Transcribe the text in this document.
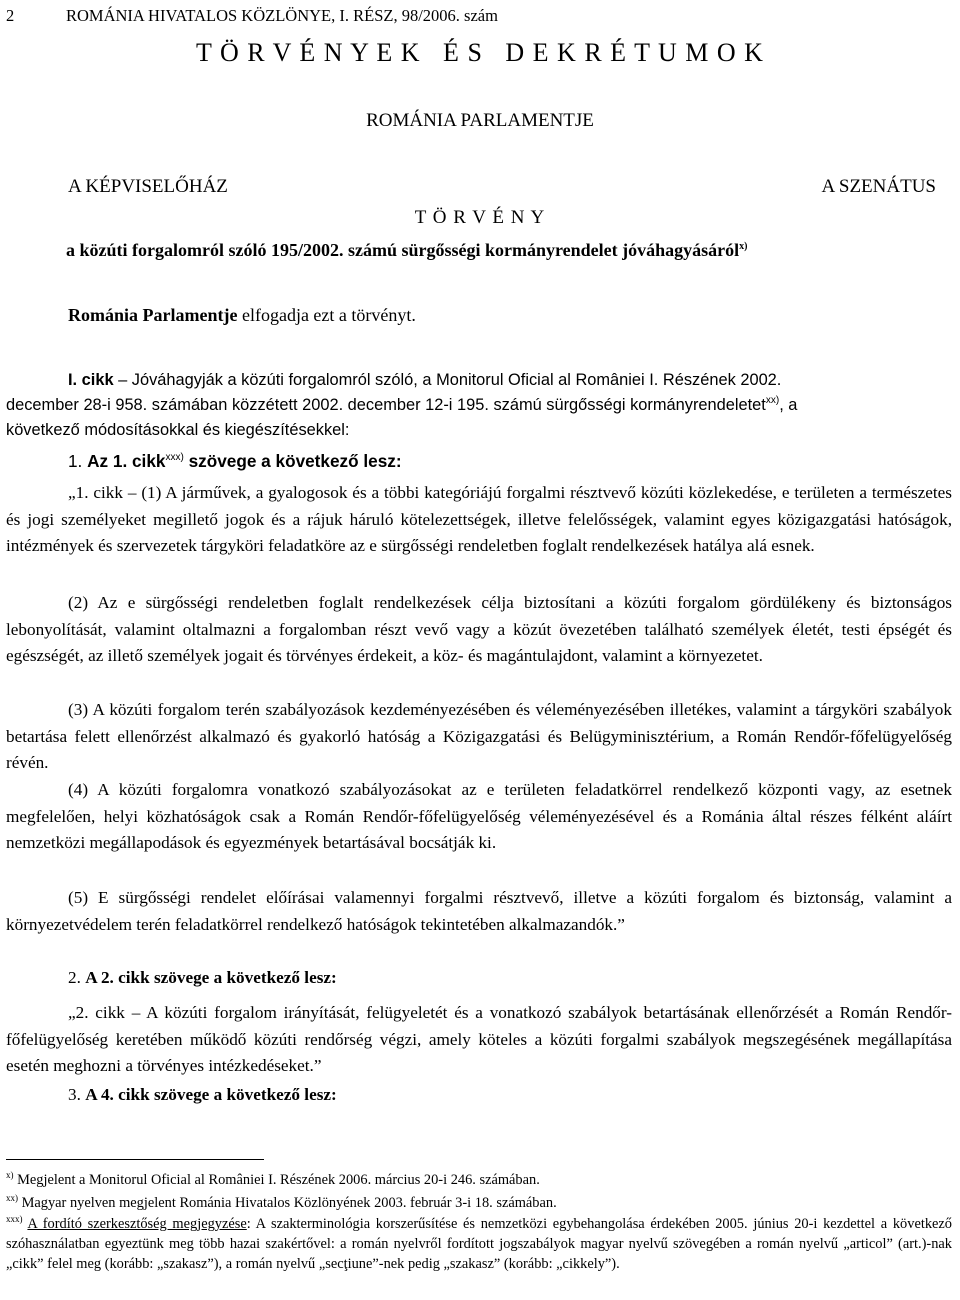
2	ROMÁNIA HIVATALOS KÖZLÖNYE, I. RÉSZ, 98/2006. szám
T Ö R V É N Y E K   É S   D E K R É T U M O K
ROMÁNIA PARLAMENTJE
A KÉPVISELŐHÁZ	A SZENÁTUS
T Ö R V É N Y
a közúti forgalomról szóló 195/2002. számú sürgősségi kormányrendelet jóváhagyásáról$^{x)}$
Románia Parlamentje elfogadja ezt a törvényt.
I. cikk – Jóváhagyják a közúti forgalomról szóló, a Monitorul Oficial al României I. Részének 2002.
december 28-i 958. számában közzétett 2002. december 12-i 195. számú sürgősségi kormányrendeletet$^{xx)}$, a
következő módosításokkal és kiegészítésekkel:
1. Az 1. cikk$^{xxx)}$ szövege a következő lesz:
„1. cikk – (1) A járművek, a gyalogosok és a többi kategóriájú forgalmi résztvevő közúti közlekedése, e területen a természetes és jogi személyeket megillető jogok és a rájuk háruló kötelezettségek, illetve felelősségek, valamint egyes közigazgatási hatóságok, intézmények és szervezetek tárgyköri feladatköre az e sürgősségi rendeletben foglalt rendelkezések hatálya alá esnek.
(2) Az e sürgősségi rendeletben foglalt rendelkezések célja biztosítani a közúti forgalom gördülékeny és biztonságos lebonyolítását, valamint oltalmazni a forgalomban részt vevő vagy a közút övezetében található személyek életét, testi épségét és egészségét, az illető személyek jogait és törvényes érdekeit, a köz- és magántulajdont, valamint a környezetet.
(3) A közúti forgalom terén szabályozások kezdeményezésében és véleményezésében illetékes, valamint a tárgyköri szabályok betartása felett ellenőrzést alkalmazó és gyakorló hatóság a Közigazgatási és Belügyminisztérium, a Román Rendőr-főfelügyelőség révén.
(4) A közúti forgalomra vonatkozó szabályozásokat az e területen feladatkörrel rendelkező központi vagy, az esetnek megfelelően, helyi közhatóságok csak a Román Rendőr-főfelügyelőség véleményezésével és a Románia által részes félként aláírt nemzetközi megállapodások és egyezmények betartásával bocsátják ki.
(5) E sürgősségi rendelet előírásai valamennyi forgalmi résztvevő, illetve a közúti forgalom és biztonság, valamint a környezetvédelem terén feladatkörrel rendelkező hatóságok tekintetében alkalmazandók.”
2. A 2. cikk szövege a következő lesz:
„2. cikk – A közúti forgalom irányítását, felügyeletét és a vonatkozó szabályok betartásának ellenőrzését a Román Rendőr-főfelügyelőség keretében működő közúti rendőrség végzi, amely köteles a közúti forgalmi szabályok megszegésének megállapítása esetén meghozni a törvényes intézkedéseket.”
3. A 4. cikk szövege a következő lesz:
$^{x)}$ Megjelent a Monitorul Oficial al României I. Részének 2006. március 20-i 246. számában.
$^{xx)}$ Magyar nyelven megjelent Románia Hivatalos Közlönyének 2003. február 3-i 18. számában.
$^{xxx)}$ A fordító szerkesztőség megjegyzése: A szakterminológia korszerűsítése és nemzetközi egybehangolása érdekében 2005. június 20-i kezdettel a következő szóhasználatban egyeztünk meg több hazai szakértővel: a román nyelvről fordított jogszabályok magyar nyelvű szövegében a román nyelvű „articol” (art.)-nak „cikk” felel meg (korább: „szakasz”), a román nyelvű „secţiune”-nek pedig „szakasz” (korább: „cikkely”).
